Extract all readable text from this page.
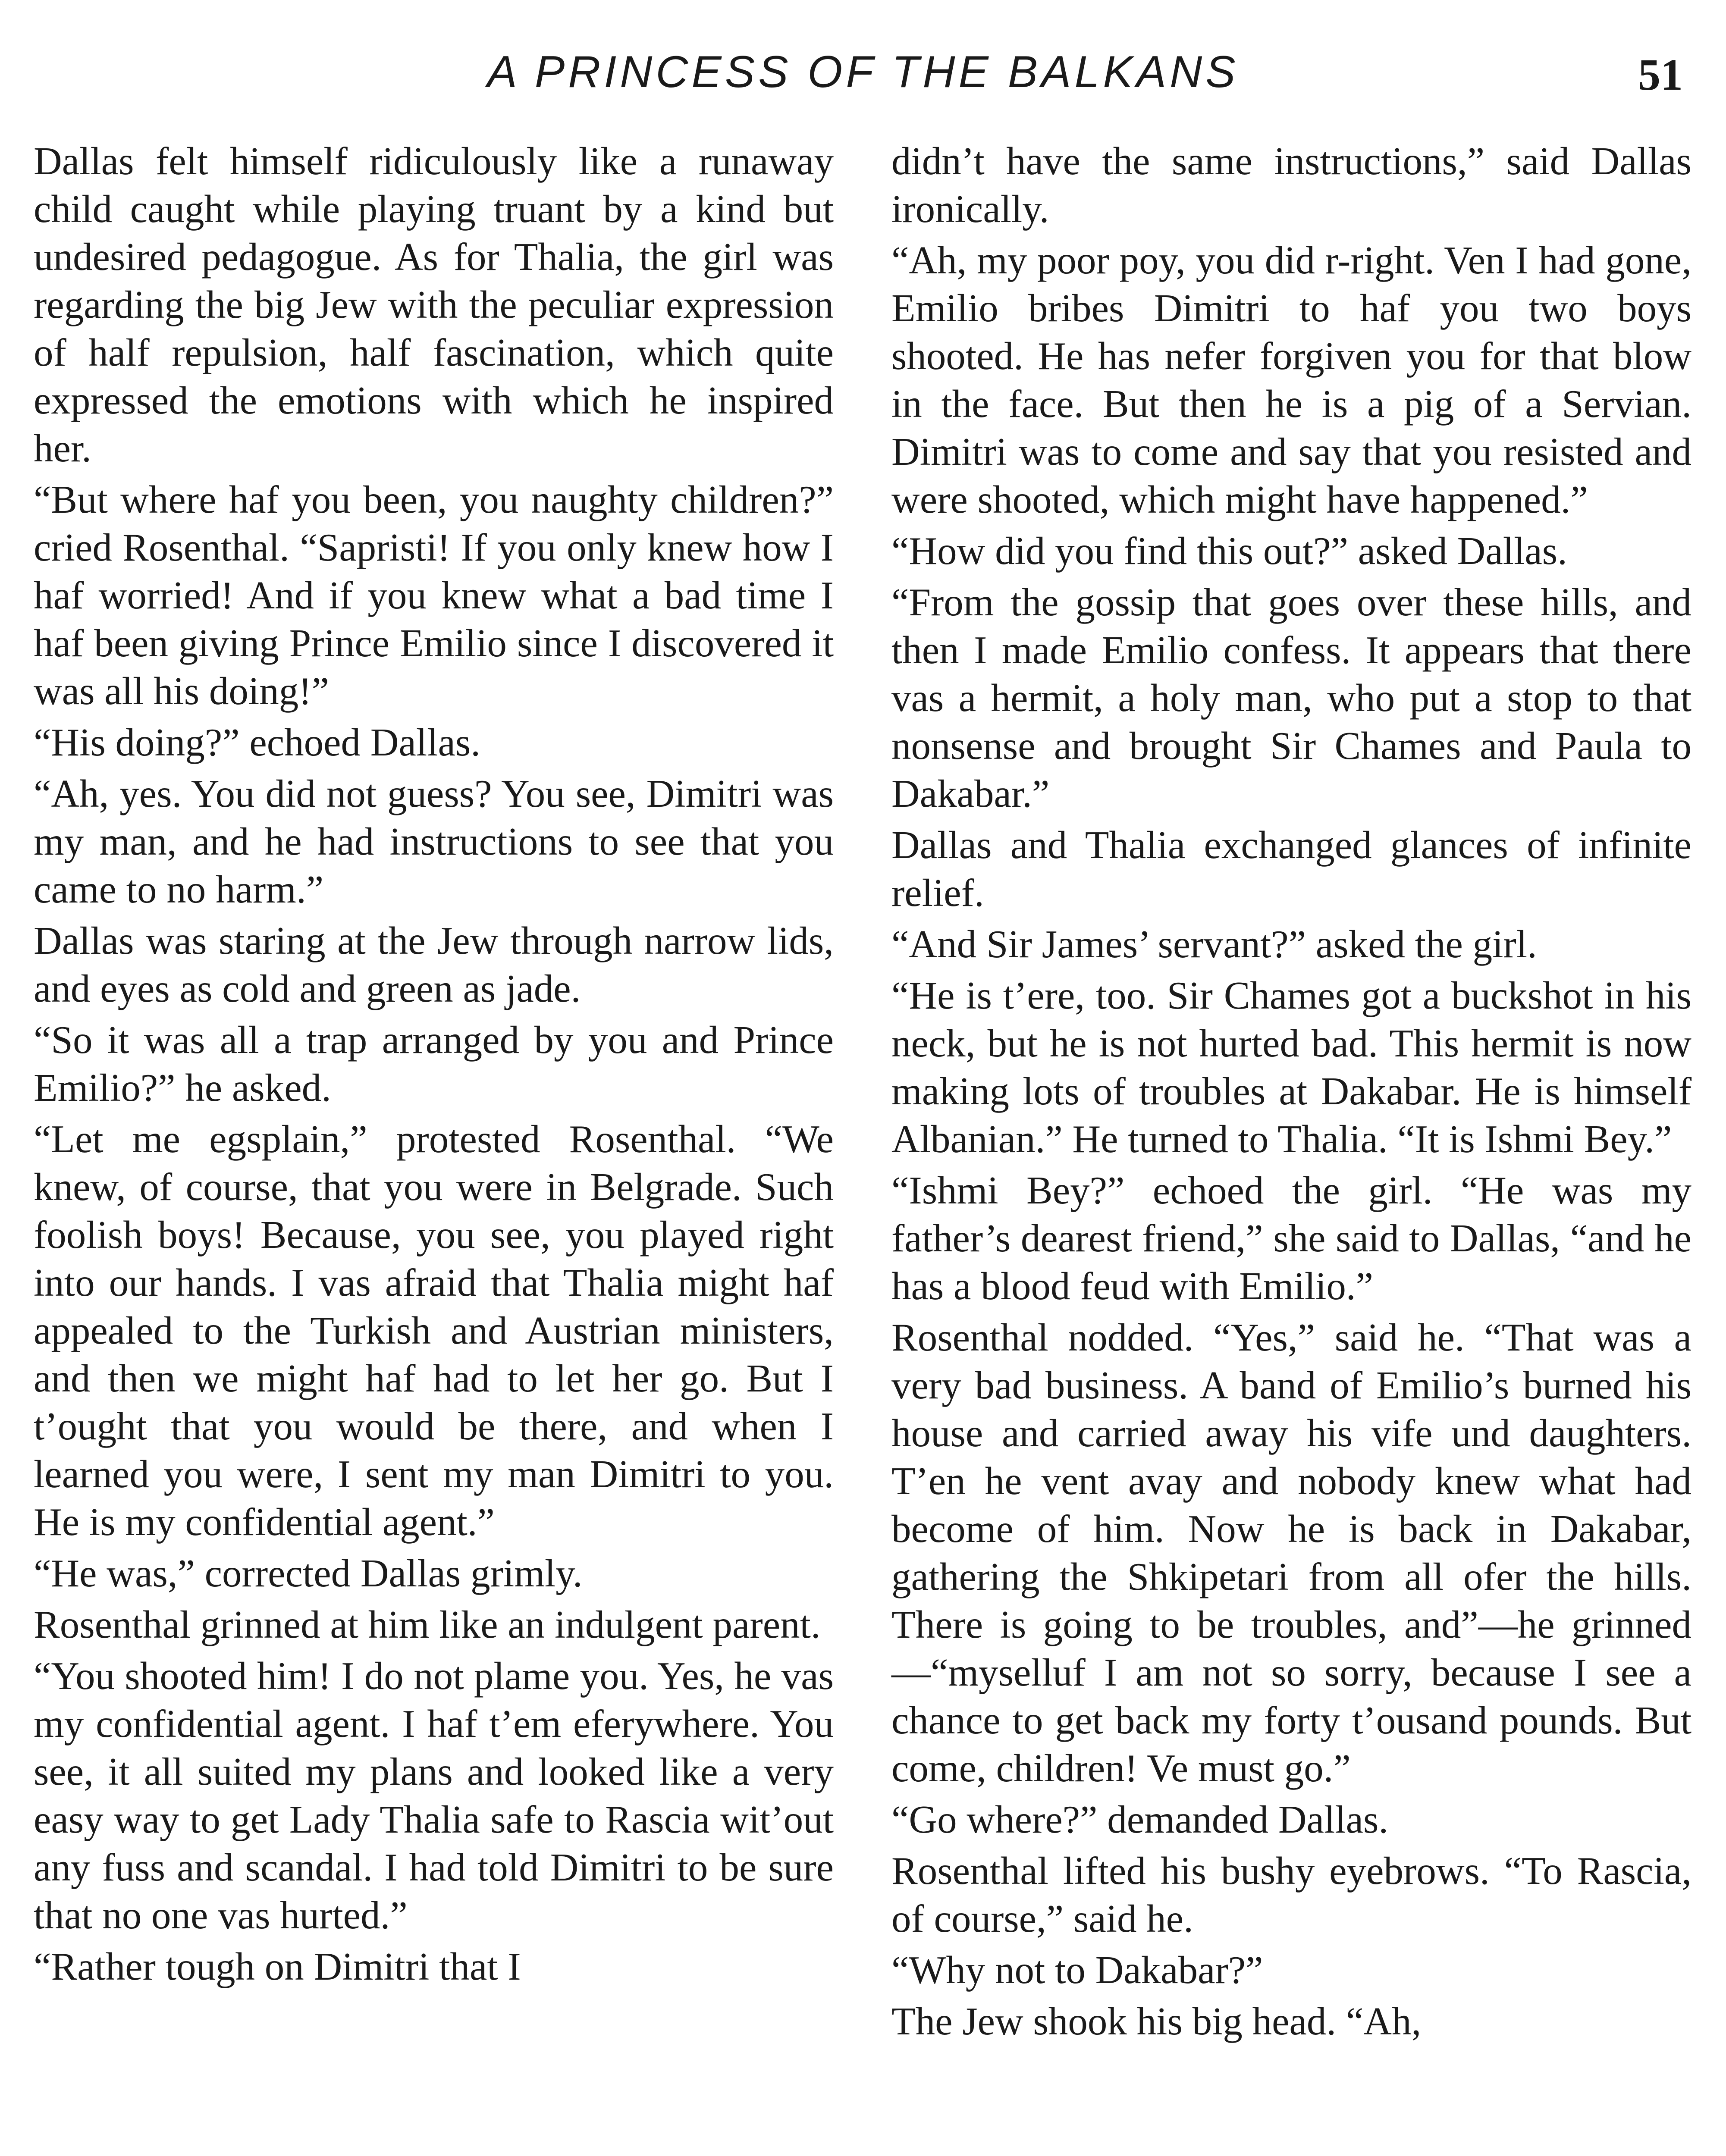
A PRINCESS OF THE BALKANS	51

Dallas felt himself ridiculously like a runaway child caught while playing truant by a kind but undesired pedagogue. As for Thalia, the girl was regarding the big Jew with the peculiar expression of half repulsion, half fascination, which quite expressed the emotions with which he inspired her.

“But where haf you been, you naughty children?” cried Rosenthal. “Sapristi! If you only knew how I haf worried! And if you knew what a bad time I haf been giving Prince Emilio since I discovered it was all his doing!”

“His doing?” echoed Dallas.

“Ah, yes. You did not guess? You see, Dimitri was my man, and he had instructions to see that you came to no harm.”

Dallas was staring at the Jew through narrow lids, and eyes as cold and green as jade.

“So it was all a trap arranged by you and Prince Emilio?” he asked.

“Let me egsplain,” protested Rosenthal. “We knew, of course, that you were in Belgrade. Such foolish boys! Because, you see, you played right into our hands. I vas afraid that Thalia might haf appealed to the Turkish and Austrian ministers, and then we might haf had to let her go. But I t’ought that you would be there, and when I learned you were, I sent my man Dimitri to you. He is my confidential agent.”

“He was,” corrected Dallas grimly.

Rosenthal grinned at him like an indulgent parent.

“You shooted him! I do not plame you. Yes, he vas my confidential agent. I haf t’em eferywhere. You see, it all suited my plans and looked like a very easy way to get Lady Thalia safe to Rascia wit’out any fuss and scandal. I had told Dimitri to be sure that no one vas hurted.”

“Rather tough on Dimitri that I

didn’t have the same instructions,” said Dallas ironically.

“Ah, my poor poy, you did r-right. Ven I had gone, Emilio bribes Dimitri to haf you two boys shooted. He has nefer forgiven you for that blow in the face. But then he is a pig of a Servian. Dimitri was to come and say that you resisted and were shooted, which might have happened.”

“How did you find this out?” asked Dallas.

“From the gossip that goes over these hills, and then I made Emilio confess. It appears that there vas a hermit, a holy man, who put a stop to that nonsense and brought Sir Chames and Paula to Dakabar.”

Dallas and Thalia exchanged glances of infinite relief.

“And Sir James’ servant?” asked the girl.

“He is t’ere, too. Sir Chames got a buckshot in his neck, but he is not hurted bad. This hermit is now making lots of troubles at Dakabar. He is himself Albanian.” He turned to Thalia. “It is Ishmi Bey.”

“Ishmi Bey?” echoed the girl. “He was my father’s dearest friend,” she said to Dallas, “and he has a blood feud with Emilio.”

Rosenthal nodded. “Yes,” said he. “That was a very bad business. A band of Emilio’s burned his house and carried away his vife und daughters. T’en he vent avay and nobody knew what had become of him. Now he is back in Dakabar, gathering the Shkipetari from all ofer the hills. There is going to be troubles, and”—he grinned —“myselluf I am not so sorry, because I see a chance to get back my forty t’ousand pounds. But come, children! Ve must go.”

“Go where?” demanded Dallas.

Rosenthal lifted his bushy eyebrows. “To Rascia, of course,” said he.

“Why not to Dakabar?”

The Jew shook his big head. “Ah,
